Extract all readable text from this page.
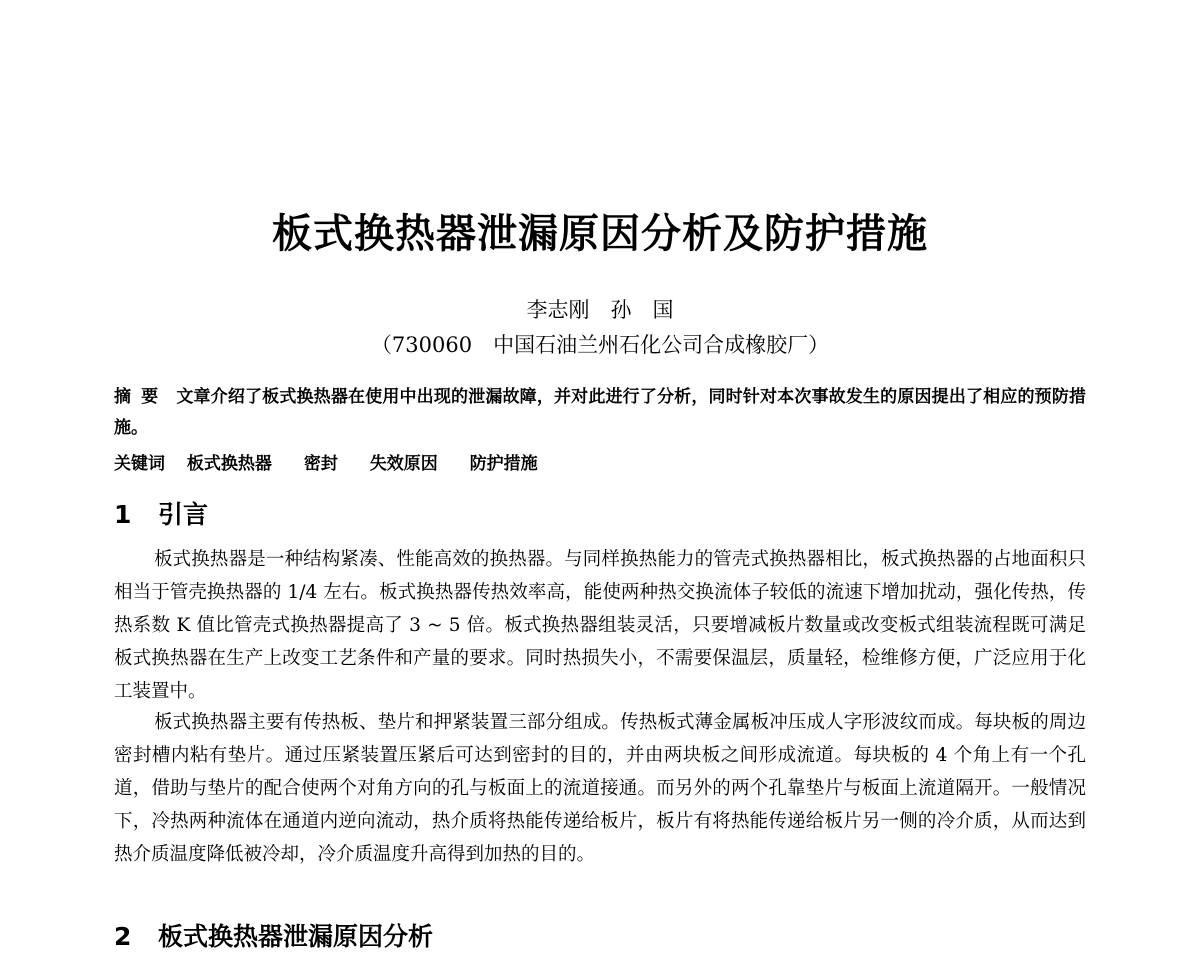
板式换热器泄漏原因分析及防护措施
李志刚　孙　国
（730060　中国石油兰州石化公司合成橡胶厂）
摘要 文章介绍了板式换热器在使用中出现的泄漏故障，并对此进行了分析，同时针对本次事故发生的原因提出了相应的预防措施。
关键词 板式换热器 密封 失效原因 防护措施
1 引言

板式换热器是一种结构紧凑、性能高效的换热器。与同样换热能力的管壳式换热器相比，板式换热器的占地面积只相当于管壳换热器的 1/4 左右。板式换热器传热效率高，能使两种热交换流体子较低的流速下增加扰动，强化传热，传热系数 K 值比管壳式换热器提高了 3 ~ 5 倍。板式换热器组装灵活，只要增减板片数量或改变板式组装流程既可满足板式换热器在生产上改变工艺条件和产量的要求。同时热损失小，不需要保温层，质量轻，检维修方便，广泛应用于化工装置中。

板式换热器主要有传热板、垫片和押紧装置三部分组成。传热板式薄金属板冲压成人字形波纹而成。每块板的周边密封槽内粘有垫片。通过压紧装置压紧后可达到密封的目的，并由两块板之间形成流道。每块板的 4 个角上有一个孔道，借助与垫片的配合使两个对角方向的孔与板面上的流道接通。而另外的两个孔靠垫片与板面上流道隔开。一般情况下，冷热两种流体在通道内逆向流动，热介质将热能传递给板片，板片有将热能传递给板片另一侧的冷介质，从而达到热介质温度降低被冷却，冷介质温度升高得到加热的目的。

2 板式换热器泄漏原因分析
